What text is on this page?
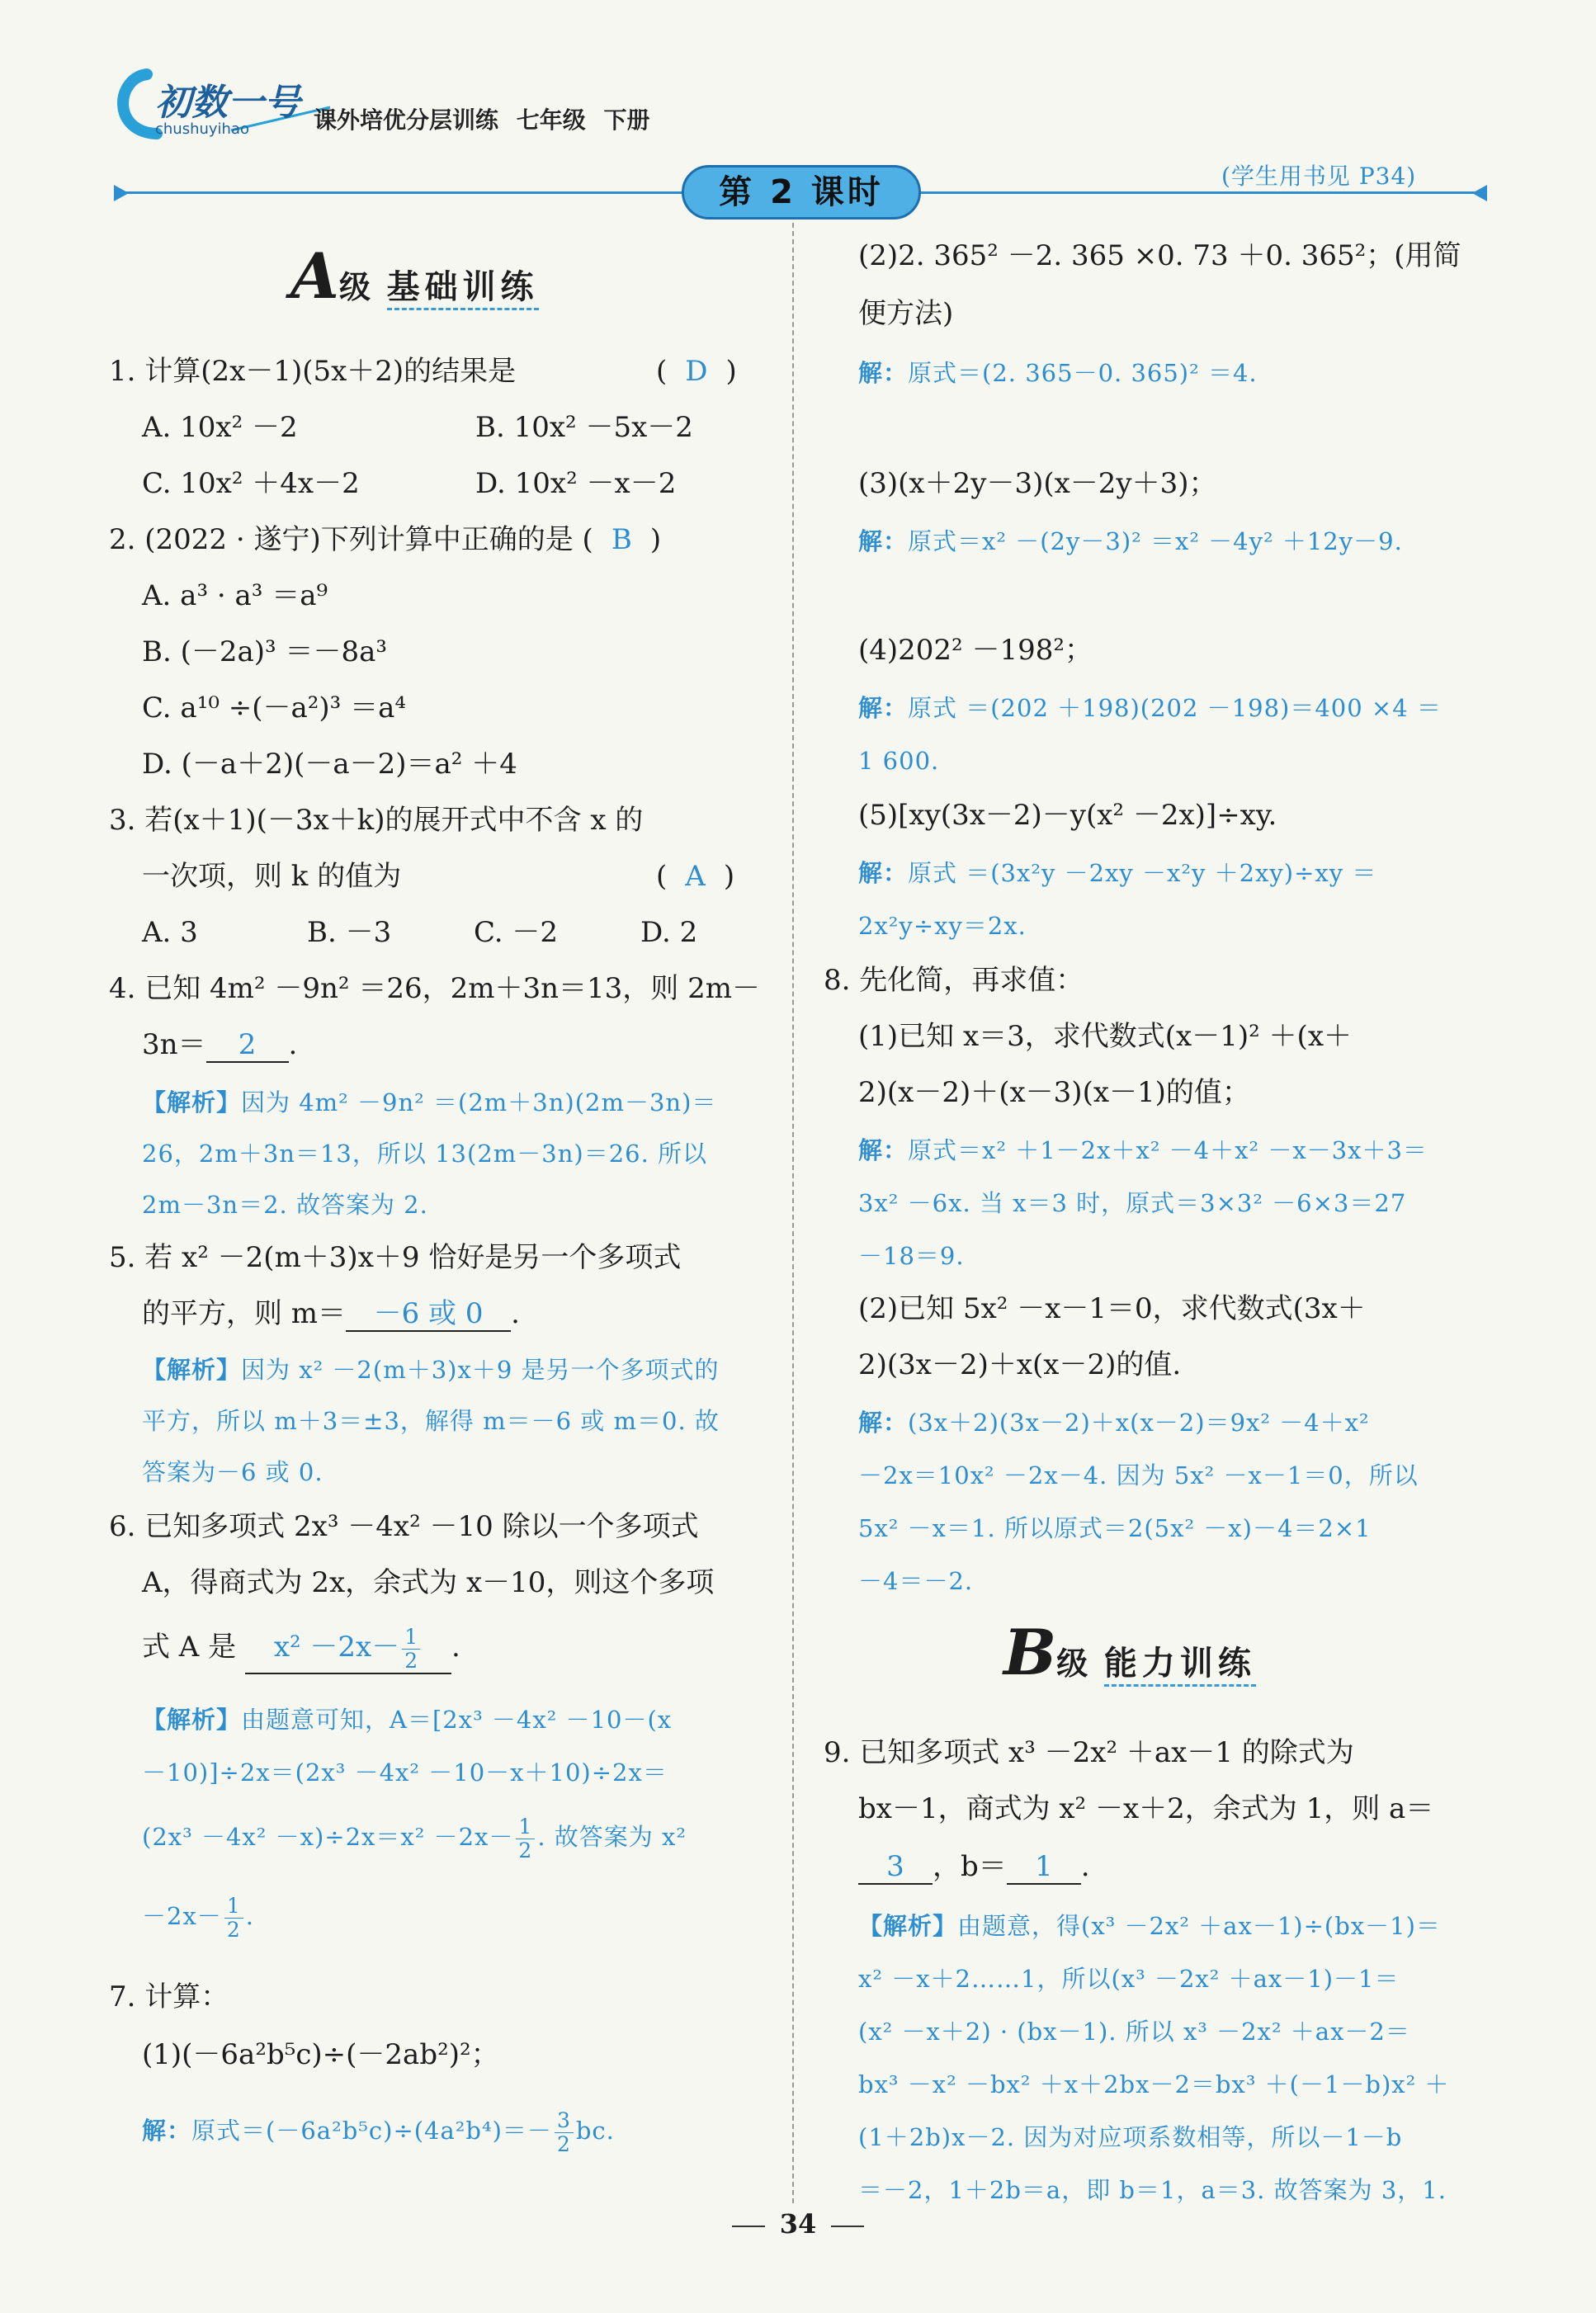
初数一号
chushuyihao	课外培优分层训练 七年级 下册
第 2 课时	(学生用书见 P34)
A级 基础训练
1. 计算(2x－1)(5x＋2)的结果是	( D )
A. 10x² －2	B. 10x² －5x－2
C. 10x² ＋4x－2	D. 10x² －x－2
2. (2022 · 遂宁)下列计算中正确的是 ( B )
A. a³ · a³ ＝a⁹
B. (－2a)³ ＝－8a³
C. a¹⁰ ÷(－a²)³ ＝a⁴
D. (－a＋2)(－a－2)＝a² ＋4
3. 若(x＋1)(－3x＋k)的展开式中不含 x 的
一次项，则 k 的值为	( A )
A. 3	B. －3	C. －2	D. 2
4. 已知 4m² －9n² ＝26，2m＋3n＝13，则 2m－
3n＝ 2 .
【解析】因为 4m² －9n² ＝(2m＋3n)(2m－3n)＝
26，2m＋3n＝13，所以 13(2m－3n)＝26. 所以
2m－3n＝2. 故答案为 2.
5. 若 x² －2(m＋3)x＋9 恰好是另一个多项式
的平方，则 m＝ －6 或 0 .
【解析】因为 x² －2(m＋3)x＋9 是另一个多项式的
平方，所以 m＋3＝±3，解得 m＝－6 或 m＝0. 故
答案为－6 或 0.
6. 已知多项式 2x³ －4x² －10 除以一个多项式
A，得商式为 2x，余式为 x－10，则这个多项
式 A 是 $x^2 -2x- \frac{1}{2}$ .
【解析】由题意可知，A＝[2x³ －4x² －10－(x
－10)]÷2x＝(2x³ －4x² －10－x＋10)÷2x＝
$(2x^3 -4x^2 -x)\div 2x=x^2 -2x- \frac{1}{2}$ . 故答案为 x²
$-2x- \frac{1}{2}$ .
7. 计算：
(1)(－6a²b⁵c)÷(－2ab²)²；
解：原式$=(-6a^2b^5c)\div(4a^2b^4)=- \frac{3}{2}$ bc.
(2)2. 365² －2. 365 ×0. 73 ＋0. 365²；(用简
便方法)
解：原式＝(2. 365－0. 365)² ＝4.
(3)(x＋2y－3)(x－2y＋3)；
解：原式＝x² －(2y－3)² ＝x² －4y² ＋12y－9.
(4)202² －198²；
解：原式 ＝(202 ＋198)(202 －198)＝400 ×4 ＝
1 600.
(5)[xy(3x－2)－y(x² －2x)]÷xy.
解：原式 ＝(3x²y －2xy －x²y ＋2xy)÷xy ＝
2x²y÷xy＝2x.
8. 先化简，再求值：
(1)已知 x＝3，求代数式(x－1)² ＋(x＋
2)(x－2)＋(x－3)(x－1)的值；
解：原式＝x² ＋1－2x＋x² －4＋x² －x－3x＋3＝
3x² －6x. 当 x＝3 时，原式＝3×3² －6×3＝27
－18＝9.
(2)已知 5x² －x－1＝0，求代数式(3x＋
2)(3x－2)＋x(x－2)的值.
解：(3x＋2)(3x－2)＋x(x－2)＝9x² －4＋x²
－2x＝10x² －2x－4. 因为 5x² －x－1＝0，所以
5x² －x＝1. 所以原式＝2(5x² －x)－4＝2×1
－4＝－2.
B级 能力训练
9. 已知多项式 x³ －2x² ＋ax－1 的除式为
bx－1，商式为 x² －x＋2，余式为 1，则 a＝
3 ，b＝ 1 .
【解析】由题意，得(x³ －2x² ＋ax－1)÷(bx－1)＝
x² －x＋2……1，所以(x³ －2x² ＋ax－1)－1＝
(x² －x＋2) · (bx－1). 所以 x³ －2x² ＋ax－2＝
bx³ －x² －bx² ＋x＋2bx－2＝bx³ ＋(－1－b)x² ＋
(1＋2b)x－2. 因为对应项系数相等，所以－1－b
＝－2，1＋2b＝a，即 b＝1，a＝3. 故答案为 3，1.
34
